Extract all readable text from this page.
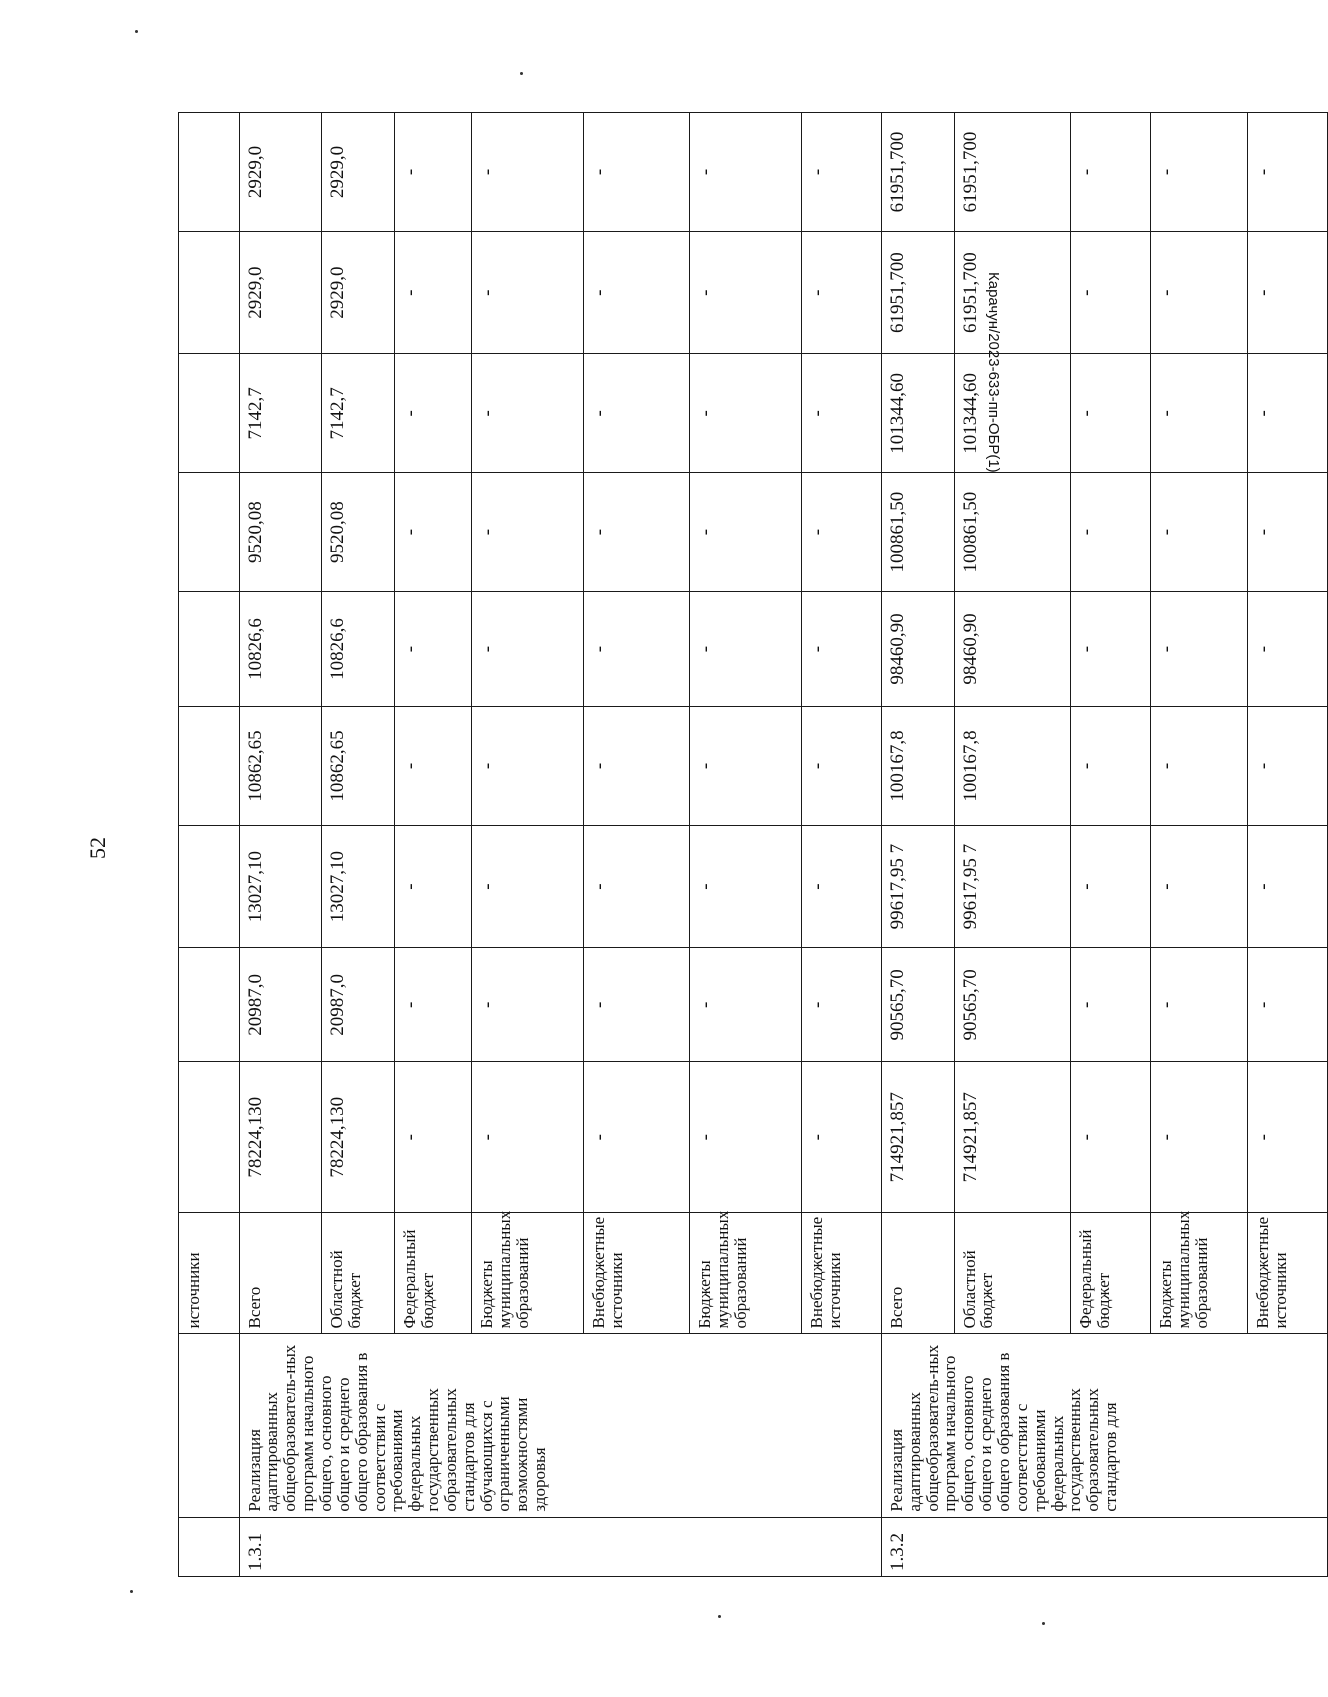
52
Карачун/2023-633-пп-ОБР(1)
		источники									
1.3.1	Реализация адаптированных общеобразователь-ных программ начального общего, основного общего и среднего общего образования в соответствии с требованиями федеральных государственных образовательных стандартов для обучающихся с ограниченными возможностями здоровья	Всего	78224,130	20987,0	13027,10	10862,65	10826,6	9520,08	7142,7	2929,0	2929,0
		Областной бюджет	78224,130	20987,0	13027,10	10862,65	10826,6	9520,08	7142,7	2929,0	2929,0
		Федеральный бюджет	-	-	-	-	-	-	-	-	-
		Бюджеты муниципальных образований	-	-	-	-	-	-	-	-	-
		Внебюджетные источники	-	-	-	-	-	-	-	-	-
		Бюджеты муниципальных образований	-	-	-	-	-	-	-	-	-
		Внебюджетные источники	-	-	-	-	-	-	-	-	-
1.3.2	Реализация адаптированных общеобразователь-ных программ начального общего, основного общего и среднего общего образования в соответствии с требованиями федеральных государственных образовательных стандартов для	Всего	714921,857	90565,70	99617,95 7	100167,8	98460,90	100861,50	101344,60	61951,700	61951,700
		Областной бюджет	714921,857	90565,70	99617,95 7	100167,8	98460,90	100861,50	101344,60	61951,700	61951,700
		Федеральный бюджет	-	-	-	-	-	-	-	-	-
		Бюджеты муниципальных образований	-	-	-	-	-	-	-	-	-
		Внебюджетные источники	-	-	-	-	-	-	-	-	-
